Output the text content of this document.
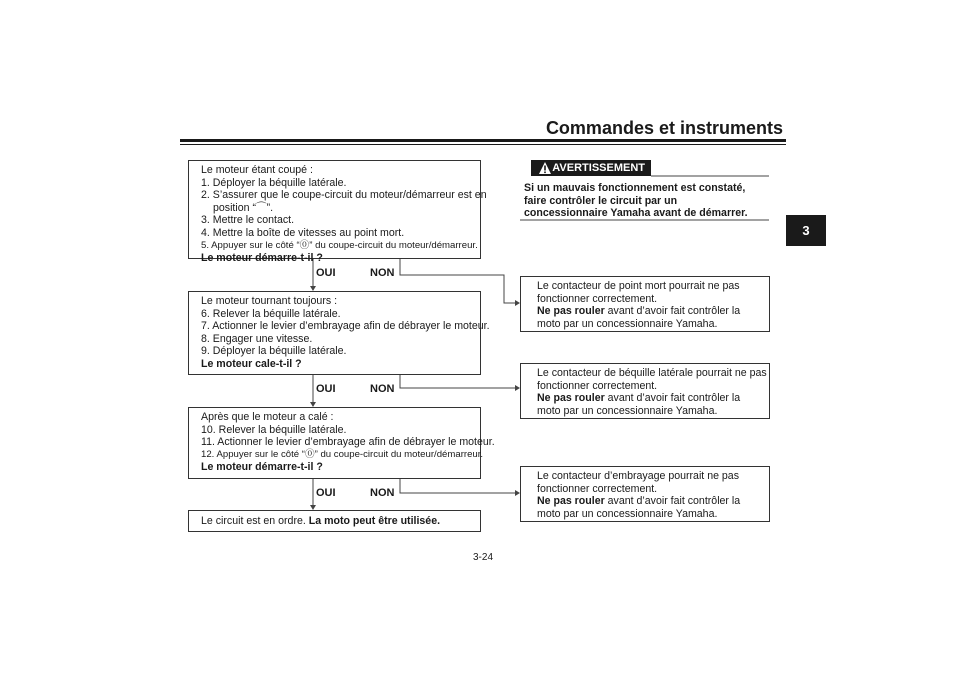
Commandes et instruments
3
AVERTISSEMENT
Si un mauvais fonctionnement est constaté,
faire contrôler le circuit par un
concessionnaire Yamaha avant de démarrer.
Le moteur étant coupé :
1. Déployer la béquille latérale.
2. S’assurer que le coupe-circuit du moteur/démarreur est en
position “⌒”.
3. Mettre le contact.
4. Mettre la boîte de vitesses au point mort.
5. Appuyer sur le côté “⓪” du coupe-circuit du moteur/démarreur.
Le moteur démarre-t-il ?
OUI	NON
Le moteur tournant toujours :
6. Relever la béquille latérale.
7. Actionner le levier d’embrayage afin de débrayer le moteur.
8. Engager une vitesse.
9. Déployer la béquille latérale.
Le moteur cale-t-il ?
OUI	NON
Après que le moteur a calé :
10. Relever la béquille latérale.
11. Actionner le levier d’embrayage afin de débrayer le moteur.
12. Appuyer sur le côté “⓪” du coupe-circuit du moteur/démarreur.
Le moteur démarre-t-il ?
OUI	NON
Le circuit est en ordre. La moto peut être utilisée.
Le contacteur de point mort pourrait ne pas
fonctionner correctement.
Ne pas rouler avant d’avoir fait contrôler la
moto par un concessionnaire Yamaha.
Le contacteur de béquille latérale pourrait ne pas
fonctionner correctement.
Ne pas rouler avant d’avoir fait contrôler la
moto par un concessionnaire Yamaha.
Le contacteur d’embrayage pourrait ne pas
fonctionner correctement.
Ne pas rouler avant d’avoir fait contrôler la
moto par un concessionnaire Yamaha.
3-24
